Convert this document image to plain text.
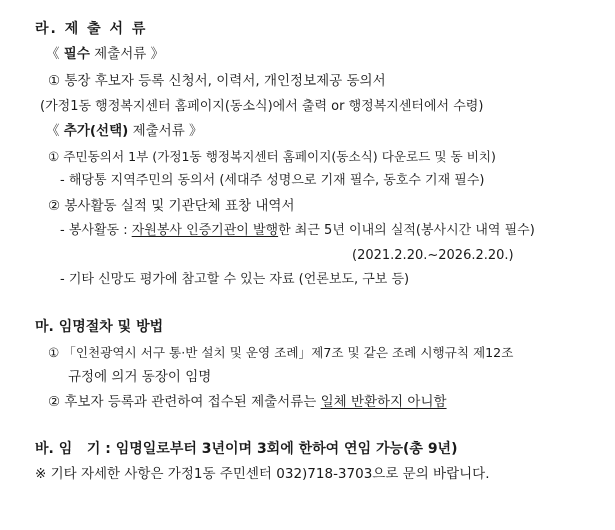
라. 제 출 서 류
《 필수 제출서류 》
① 통장 후보자 등록 신청서, 이력서, 개인정보제공 동의서
(가정1동 행정복지센터 홈페이지(동소식)에서 출력 or 행정복지센터에서 수령)
《 추가(선택) 제출서류 》
① 주민동의서 1부 (가정1동 행정복지센터 홈페이지(동소식) 다운로드 및 동 비치)
- 해당통 지역주민의 동의서 (세대주 성명으로 기재 필수, 동호수 기재 필수)
② 봉사활동 실적 및 기관단체 표창 내역서
- 봉사활동 : 자원봉사 인증기관이 발행한 최근 5년 이내의 실적(봉사시간 내역 필수)
(2021.2.20.~2026.2.20.)
- 기타 신망도 평가에 참고할 수 있는 자료 (언론보도, 구보 등)
마. 임명절차 및 방법
① 「인천광역시 서구 통·반 설치 및 운영 조례」제7조 및 같은 조례 시행규칙 제12조
규정에 의거 동장이 임명
② 후보자 등록과 관련하여 접수된 제출서류는 일체 반환하지 아니함
바. 임   기 : 임명일로부터 3년이며 3회에 한하여 연임 가능(총 9년)
※ 기타 자세한 사항은 가정1동 주민센터 032)718-3703으로 문의 바랍니다.
